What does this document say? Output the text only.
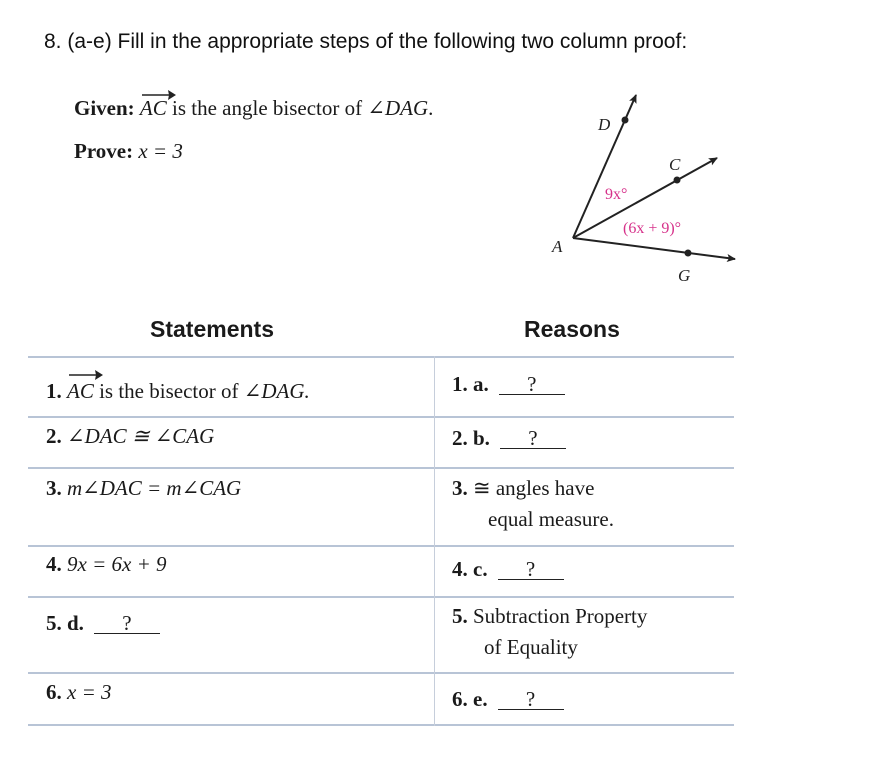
8. (a-e) Fill in the appropriate steps of the following two column proof:
Given: AC is the angle bisector of ∠DAG.
Prove: x = 3
D
C
G
A
9x°
(6x + 9)°
Statements	Reasons
1. AC is the bisector of ∠DAG.	1. a. ?
2. ∠DAC ≅ ∠CAG	2. b. ?
3. m∠DAC = m∠CAG	3. ≅ angles have
equal measure.
4. 9x = 6x + 9	4. c. ?
5. d. ?	5. Subtraction Property
of Equality
6. x = 3	6. e. ?
